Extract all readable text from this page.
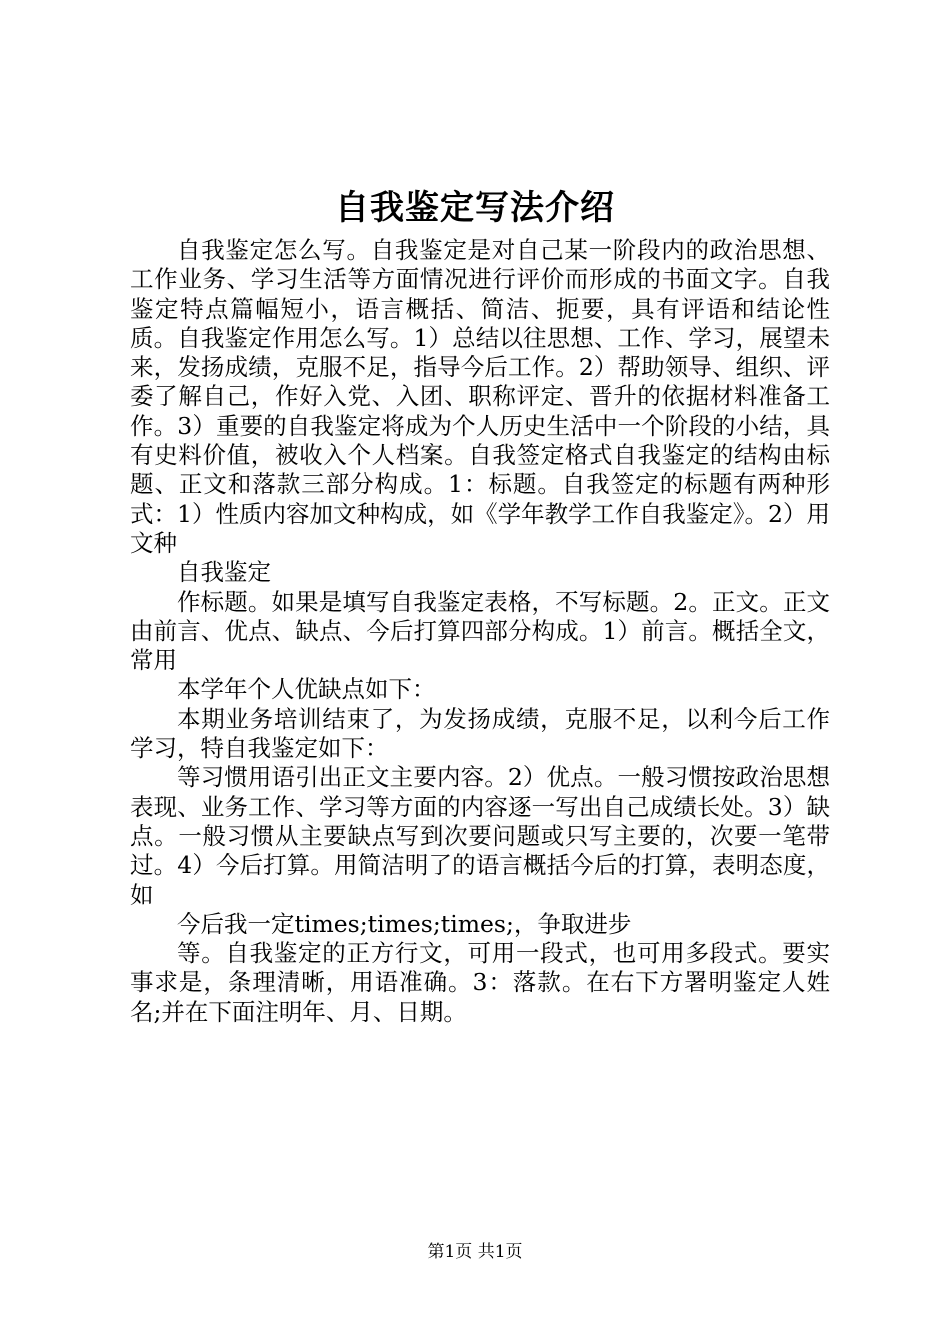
自我鉴定写法介绍

自我鉴定怎么写。自我鉴定是对自己某一阶段内的政治思想、工作业务、学习生活等方面情况进行评价而形成的书面文字。自我鉴定特点篇幅短小，语言概括、简洁、扼要，具有评语和结论性质。自我鉴定作用怎么写。1）总结以往思想、工作、学习，展望未来，发扬成绩，克服不足，指导今后工作。2）帮助领导、组织、评委了解自己，作好入党、入团、职称评定、晋升的依据材料准备工作。3）重要的自我鉴定将成为个人历史生活中一个阶段的小结，具有史料价值，被收入个人档案。自我签定格式自我鉴定的结构由标题、正文和落款三部分构成。1：标题。自我签定的标题有两种形式：1）性质内容加文种构成，如《学年教学工作自我鉴定》。2）用文种

自我鉴定

作标题。如果是填写自我鉴定表格，不写标题。2。正文。正文由前言、优点、缺点、今后打算四部分构成。1）前言。概括全文，常用

本学年个人优缺点如下：

本期业务培训结束了，为发扬成绩，克服不足，以利今后工作学习，特自我鉴定如下：

等习惯用语引出正文主要内容。2）优点。一般习惯按政治思想表现、业务工作、学习等方面的内容逐一写出自己成绩长处。3）缺点。一般习惯从主要缺点写到次要问题或只写主要的，次要一笔带过。4）今后打算。用简洁明了的语言概括今后的打算，表明态度，如

今后我一定times;times;times;，争取进步

等。自我鉴定的正方行文，可用一段式，也可用多段式。要实事求是，条理清晰，用语准确。3：落款。在右下方署明鉴定人姓名;并在下面注明年、月、日期。

第1页 共1页
